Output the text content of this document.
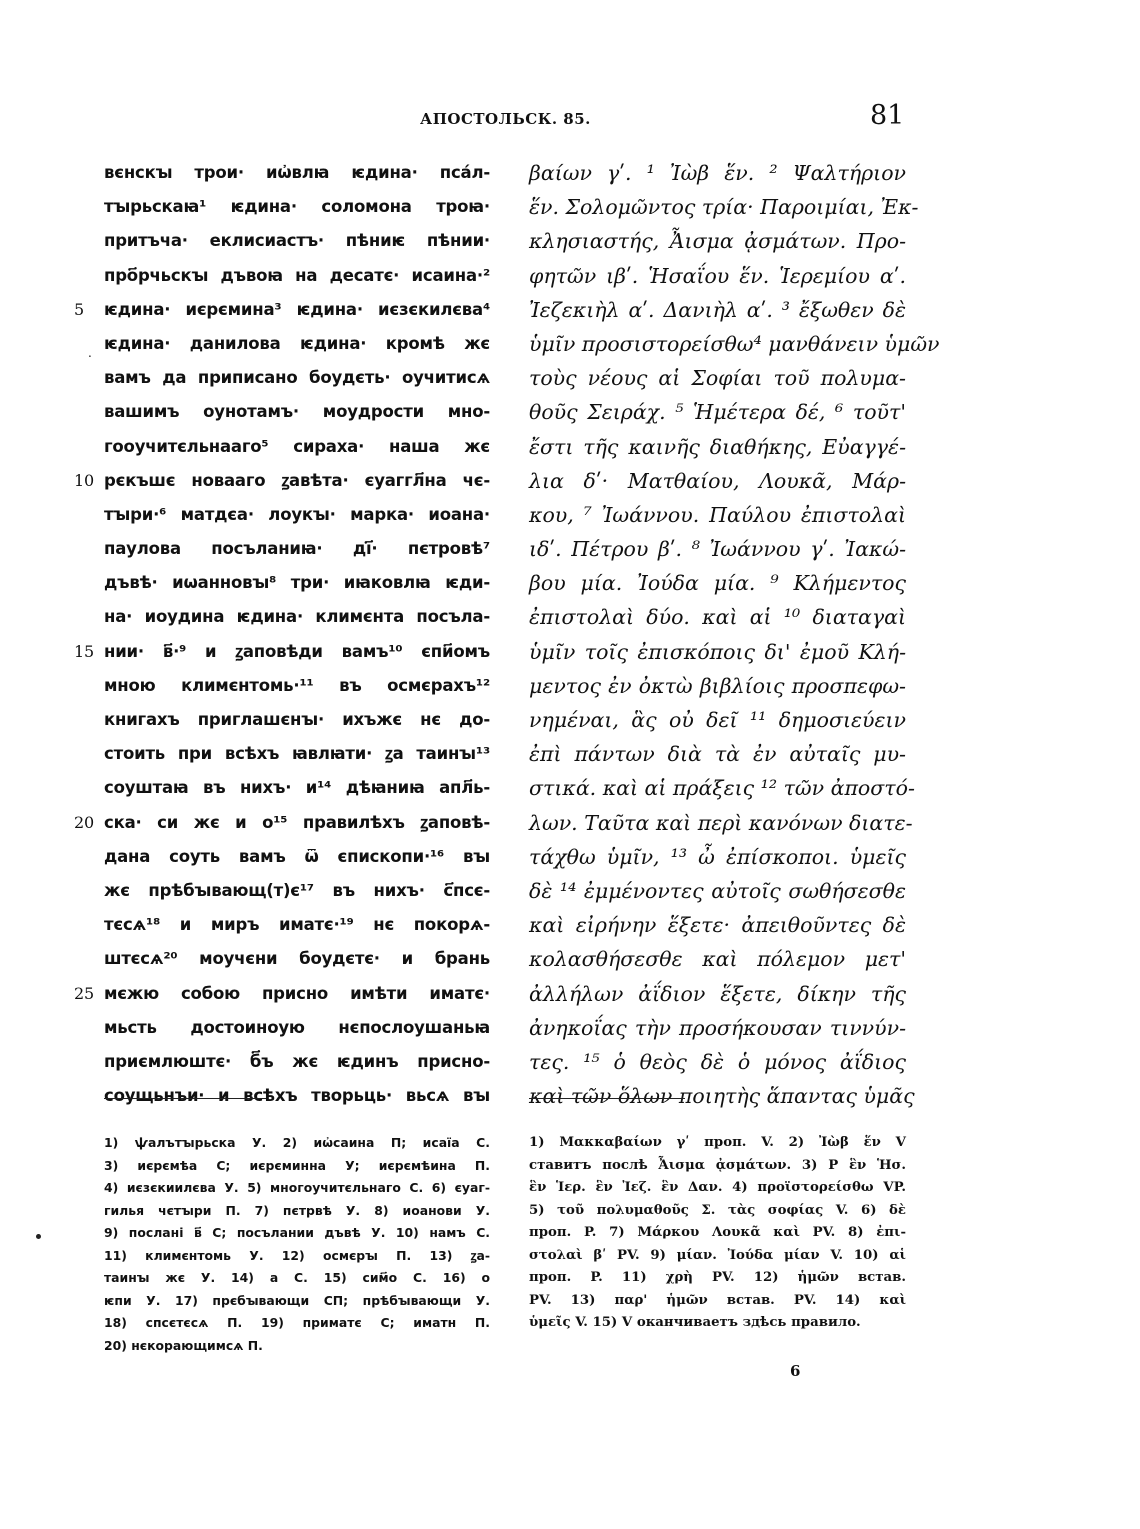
АПОСТОЛЬСК. 85.	81
вєнскꙑ трои· иѡ҆влꙗ ѥдина· пса́л-
тꙑрьскаꙗ¹ ѥдина· соломона троꙗ·
притъча· еклисиастъ· пѣниѥ пѣнии·
про҃рчьскꙑ дъвоꙗ на десатє· исаина·²
5	ѥдина· иєрємина³ ѥдина· иєзєкилєва⁴
ѥдина· данилова ѥдина· кромѣ жє
вамъ да приписано боудєть· оучитисѧ
вашимъ оунотамъ· моудрости мно-
гооучитєльнааго⁵ сираха· наша жє
10 рєкъшє новааго ꙁавѣта· єуаггл҃на чє-
тꙑри·⁶ матдєа· лоукꙑ· марка· иоана·
паулова посъланиꙗ· ді҃· пєтровѣ⁷
дъвѣ· иѡанновꙑ⁸ три· иꙗковлꙗ ѥди-
на· иоудина ѥдина· климєнта посъла-
15 нии· в҃·⁹ и ꙁаповѣди вамъ¹⁰ єпи҃омъ
мною климєнтомь·¹¹ въ осмєрахъ¹²
книгахъ приглашєнꙑ· ихъжє нє до-
стоить при всѣхъ ꙗвлꙗти· ꙁа таинꙑ¹³
соуштаꙗ въ нихъ· и¹⁴ дѣꙗниꙗ апл҃ь-
20 ска· си жє и о¹⁵ правилѣхъ ꙁаповѣ-
дана соуть вамъ ѿ єпископи·¹⁶ вꙑ
жє прѣбꙑвающ(т)є¹⁷ въ нихъ· с҃псє-
тєсѧ¹⁸ и миръ иматє·¹⁹ нє покорѧ-
штєсѧ²⁰ моучєни боудєтє· и брань
25 мєжю собою присно имѣти иматє·
мьсть достоиноую нєпослоушаньꙗ
приємлюштє· б҃ъ жє ѥдинъ присно-
соущьнъи· и всѣхъ творьць· вьсѧ вꙑ
βαίων γʹ. ¹ Ἰὼβ ἕν. ² Ψαλτήριον
ἕν. Σολομῶντος τρία· Παροιμίαι, Ἐκ-
κλησιαστής, Ἆισμα ᾀσμάτων. Προ-
φητῶν ιβʹ. Ἡσαΐου ἕν. Ἱερεμίου αʹ.
Ἰεζεκιὴλ αʹ. Δανιὴλ αʹ. ³ ἔξωθεν δὲ
ὑμῖν προσιστορείσθω⁴ μανθάνειν ὑμῶν
τοὺς νέους αἱ Σοφίαι τοῦ πολυμα-
θοῦς Σειράχ. ⁵ Ἡμέτερα δέ, ⁶ τοῦτ'
ἔστι τῆς καινῆς διαθήκης, Εὐαγγέ-
λια δʹ· Ματθαίου, Λουκᾶ, Μάρ-
κου, ⁷ Ἰωάννου. Παύλου ἐπιστολαὶ
ιδʹ. Πέτρου βʹ. ⁸ Ἰωάννου γʹ. Ἰακώ-
βου μία. Ἰούδα μία. ⁹ Κλήμεντος
ἐπιστολαὶ δύο. καὶ αἱ ¹⁰ διαταγαὶ
ὑμῖν τοῖς ἐπισκόποις δι' ἐμοῦ Κλή-
μεντος ἐν ὀκτὼ βιβλίοις προσπεφω-
νημέναι, ἃς οὐ δεῖ ¹¹ δημοσιεύειν
ἐπὶ πάντων διὰ τὰ ἐν αὐταῖς μυ-
στικά. καὶ αἱ πράξεις ¹² τῶν ἀποστό-
λων. Ταῦτα καὶ περὶ κανόνων διατε-
τάχθω ὑμῖν, ¹³ ὦ ἐπίσκοποι. ὑμεῖς
δὲ ¹⁴ ἐμμένοντες αὐτοῖς σωθήσεσθε
καὶ εἰρήνην ἕξετε· ἀπειθοῦντες δὲ
κολασθήσεσθε καὶ πόλεμον μετ'
ἀλλήλων ἀΐδιον ἕξετε, δίκην τῆς
ἀνηκοΐας τὴν προσήκουσαν τιννύν-
τες. ¹⁵ ὁ θεὸς δὲ ὁ μόνος ἀΐδιος
καὶ τῶν ὅλων ποιητὴς ἅπαντας ὑμᾶς
.
1) ѱалътꙑрьска У. 2) иѡ҆саина П; исаїа С.
3) иєрємѣа С; иєрєминна У; иєрємѣина П.
4) иєзєкиилєва У. 5) многоучитєльнаго С. 6) єуаг-
гилья чєтꙑри П. 7) пєтрвѣ У. 8) иоанови У.
9) послані в҃ С; посълании дъвѣ У. 10) намъ С.
11) климєнтомь У. 12) осмєрꙑ П. 13) ꙁа-
таинꙑ жє У. 14) а С. 15) сим҃о С. 16) о
ѥпи У. 17) прєбꙑвающи СП; прѣбꙑвающи У.
18) спсєтєсѧ П. 19) приматє С; иматн П.
20) нєкорающимсѧ П.
1) Μακκαβαίων γʹ проп. V. 2) Ἰὼβ ἕν V
ставитъ послѣ Ἆισμα ᾀσμάτων. 3) P ἓν Ἡσ.
ἓν Ἱερ. ἓν Ἰεζ. ἓν Δαν. 4) προϊστορείσθω VP.
5) τοῦ πολυμαθοῦς Σ. τὰς σοφίας V. 6) δὲ
проп. P. 7) Μάρκου Λουκᾶ καὶ PV. 8) ἐπι-
στολαὶ βʹ PV. 9) μίαν. Ἰούδα μίαν V. 10) αἱ
проп. P. 11) χρὴ PV. 12) ἡμῶν встав.
PV. 13) παρ' ἡμῶν встав. PV. 14) καὶ
ὑμεῖς V. 15) V оканчиваетъ здѣсь правило.
6
